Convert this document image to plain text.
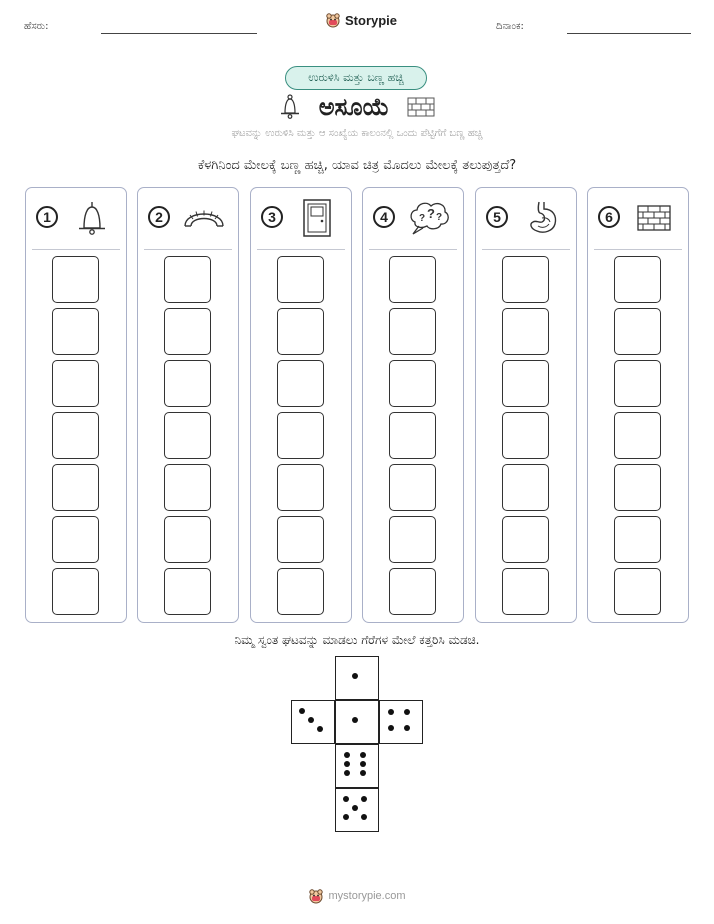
ಹೆಸರು:	Storypie	ದಿನಾಂಕ:
ಉರುಳಿಸಿ ಮತ್ತು ಬಣ್ಣ ಹಚ್ಚಿ
ಅಸೂಯೆ
ಘಟವನ್ನು ಉರುಳಿಸಿ ಮತ್ತು ಆ ಸಂಖ್ಯೆಯ ಕಾಲಂನಲ್ಲಿ ಒಂದು ಪೆಟ್ಟಿಗೆಗೆ ಬಣ್ಣ ಹಚ್ಚಿ
ಕೆಳಗಿನಿಂದ ಮೇಲಕ್ಕೆ ಬಣ್ಣ ಹಚ್ಚಿ, ಯಾವ ಚಿತ್ರ ಮೊದಲು ಮೇಲಕ್ಕೆ ತಲುಪುತ್ತದೆ?
1	2	3	4	? ? ?	5	6
ನಿಮ್ಮ ಸ್ವಂತ ಘಟವನ್ನು ಮಾಡಲು ಗೆರೆಗಳ ಮೇಲೆ ಕತ್ತರಿಸಿ ಮಡಚಿ.
mystorypie.com
